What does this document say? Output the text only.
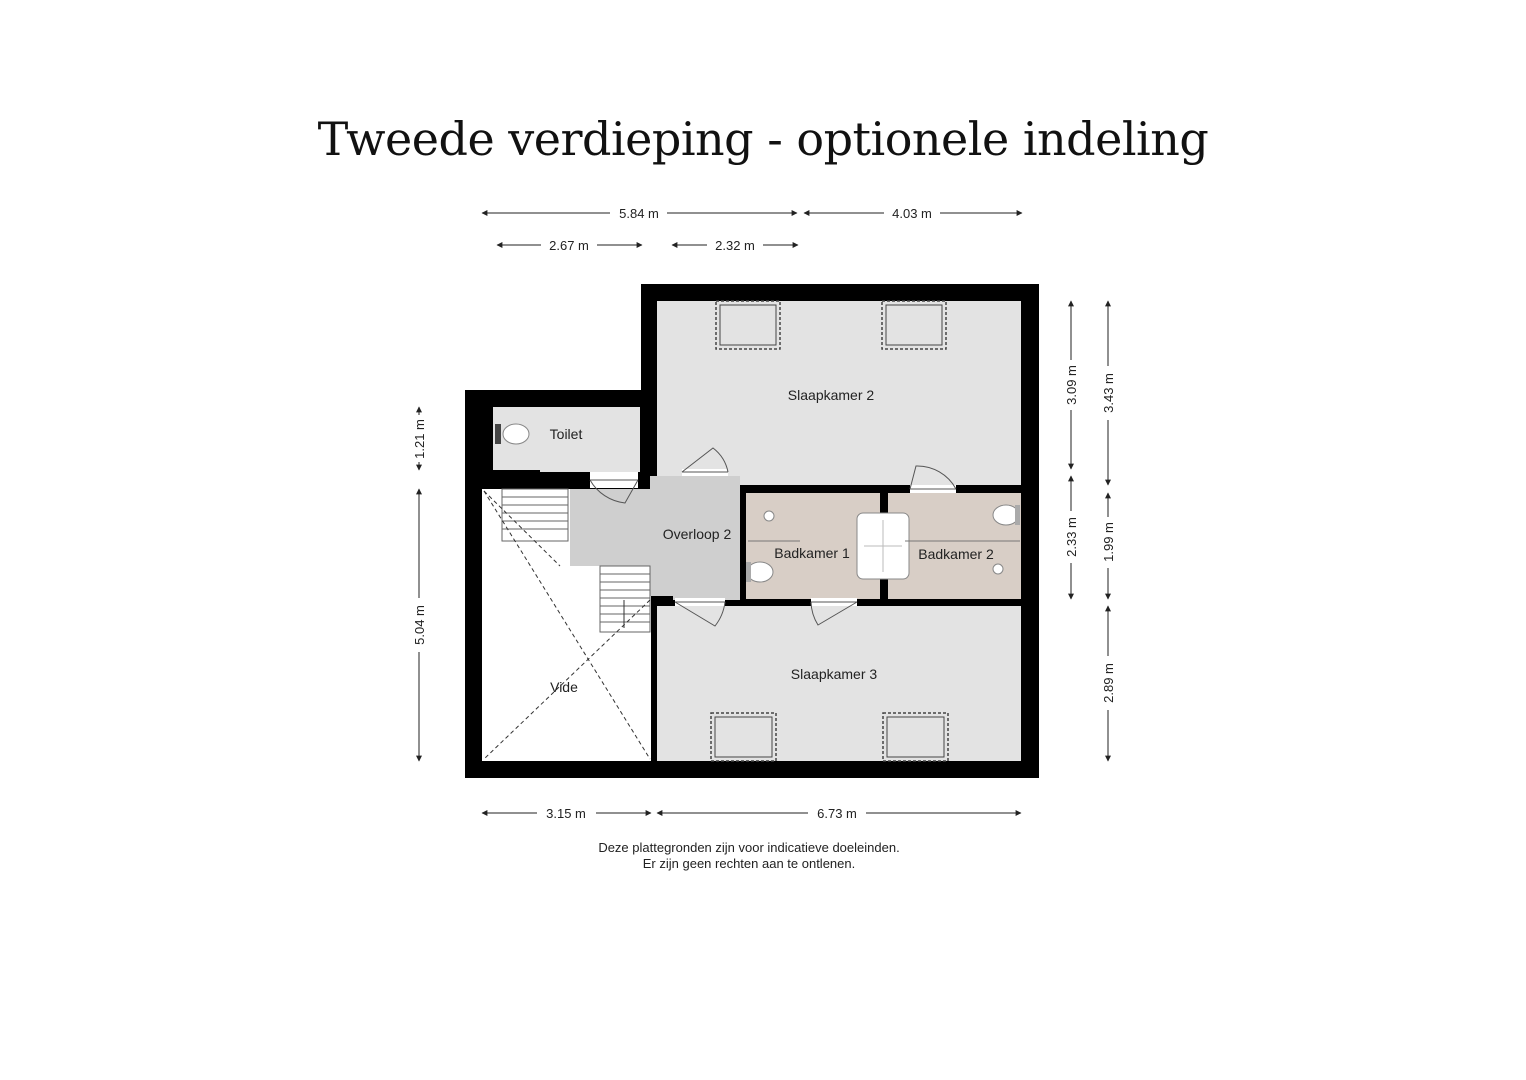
Tweede verdieping - optionele indeling
Slaapkamer 2
Toilet
Overloop 2
Badkamer 1	Badkamer 2
Slaapkamer 3
Vide
5.84 m	4.03 m
2.67 m	2.32 m
1.21 m
5.04 m
3.09 m 3.43 m
2.33 m 1.99 m
2.89 m
3.15 m	6.73 m
Deze plattegronden zijn voor indicatieve doeleinden.
Er zijn geen rechten aan te ontlenen.
